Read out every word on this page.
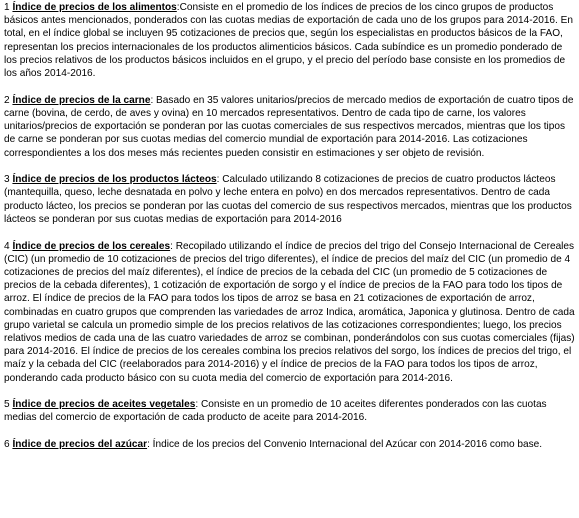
1 Índice de precios de los alimentos:Consiste en el promedio de los índices de precios de los cinco grupos de productos básicos antes mencionados, ponderados con las cuotas medias de exportación de cada uno de los grupos para 2014-2016. En total, en el índice global se incluyen 95 cotizaciones de precios que, según los especialistas en productos básicos de la FAO, representan los precios internacionales de los productos alimenticios básicos. Cada subíndice es un promedio ponderado de los precios relativos de los productos básicos incluidos en el grupo, y el precio del período base consiste en los promedios de los años 2014-2016.

2 Índice de precios de la carne: Basado en 35 valores unitarios/precios de mercado medios de exportación de cuatro tipos de carne (bovina, de cerdo, de aves y ovina) en 10 mercados representativos. Dentro de cada tipo de carne, los valores unitarios/precios de exportación se ponderan por las cuotas comerciales de sus respectivos mercados, mientras que los tipos de carne se ponderan por sus cuotas medias del comercio mundial de exportación para 2014-2016. Las cotizaciones correspondientes a los dos meses más recientes pueden consistir en estimaciones y ser objeto de revisión.

3 Índice de precios de los productos lácteos: Calculado utilizando 8 cotizaciones de precios de cuatro productos lácteos (mantequilla, queso, leche desnatada en polvo y leche entera en polvo) en dos mercados representativos. Dentro de cada producto lácteo, los precios se ponderan por las cuotas del comercio de sus respectivos mercados, mientras que los productos lácteos se ponderan por sus cuotas medias de exportación para 2014-2016

4 Índice de precios de los cereales: Recopilado utilizando el índice de precios del trigo del Consejo Internacional de Cereales (CIC) (un promedio de 10 cotizaciones de precios del trigo diferentes), el índice de precios del maíz del CIC (un promedio de 4 cotizaciones de precios del maíz diferentes), el índice de precios de la cebada del CIC (un promedio de 5 cotizaciones de precios de la cebada diferentes), 1 cotización de exportación de sorgo y el índice de precios de la FAO para todo los tipos de arroz. El índice de precios de la FAO para todos los tipos de arroz se basa en 21 cotizaciones de exportación de arroz, combinadas en cuatro grupos que comprenden las variedades de arroz Indica, aromática, Japonica y glutinosa. Dentro de cada grupo varietal se calcula un promedio simple de los precios relativos de las cotizaciones correspondientes; luego, los precios relativos medios de cada una de las cuatro variedades de arroz se combinan, ponderándolos con sus cuotas comerciales (fijas) para 2014-2016. El índice de precios de los cereales combina los precios relativos del sorgo, los índices de precios del trigo, el maíz y la cebada del CIC (reelaborados para 2014-2016) y el índice de precios de la FAO para todos los tipos de arroz, ponderando cada producto básico con su cuota media del comercio de exportación para 2014-2016.

5 Índice de precios de aceites vegetales: Consiste en un promedio de 10 aceites diferentes ponderados con las cuotas medias del comercio de exportación de cada producto de aceite para 2014-2016.

6 Índice de precios del azúcar: Índice de los precios del Convenio Internacional del Azúcar con 2014-2016 como base.
